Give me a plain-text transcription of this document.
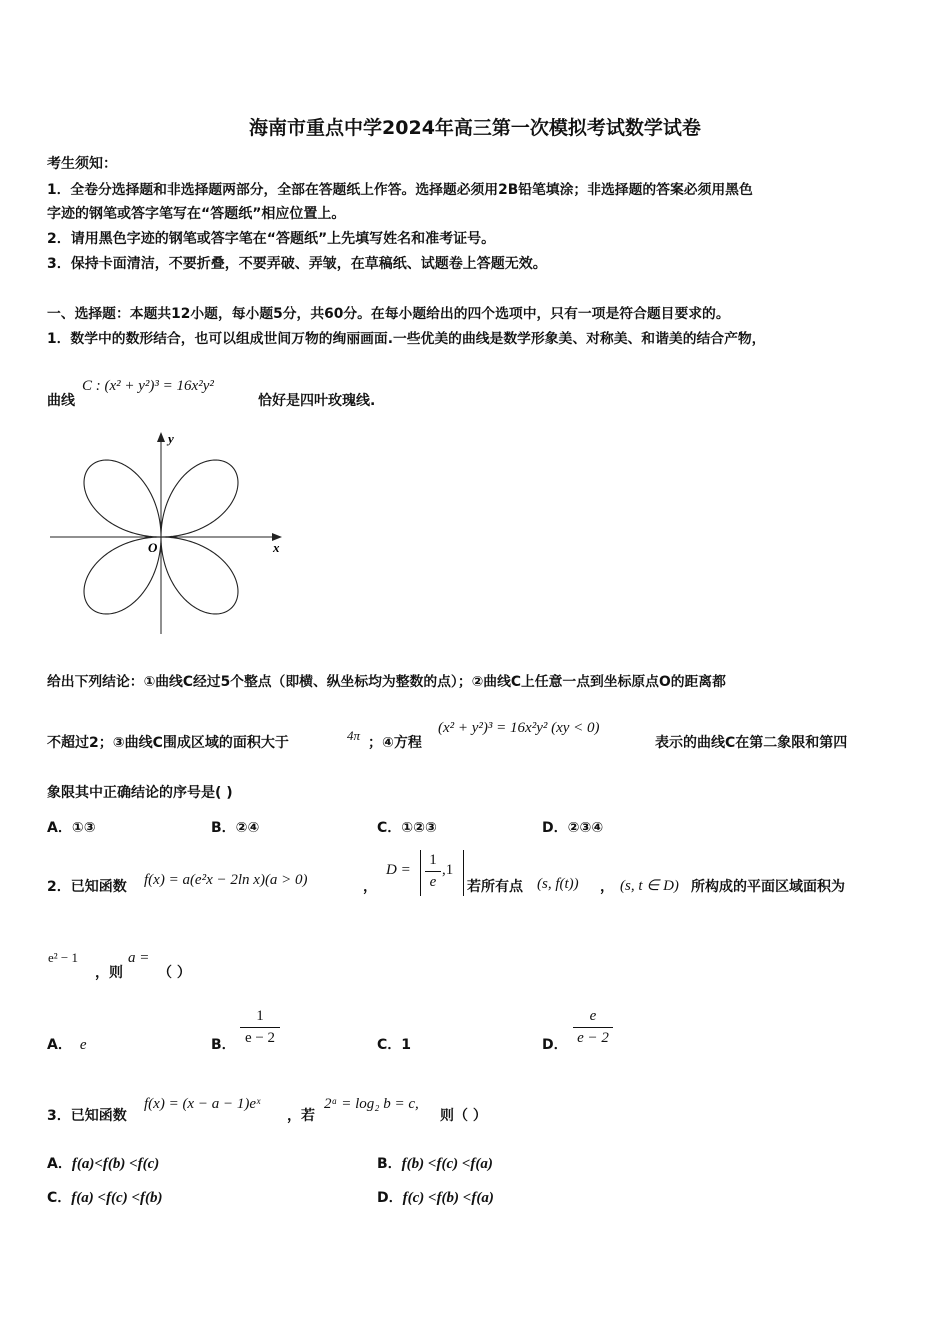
海南市重点中学2024年高三第一次模拟考试数学试卷
考生须知：
1．全卷分选择题和非选择题两部分，全部在答题纸上作答。选择题必须用2B铅笔填涂；非选择题的答案必须用黑色
字迹的钢笔或答字笔写在“答题纸”相应位置上。
2．请用黑色字迹的钢笔或答字笔在“答题纸”上先填写姓名和准考证号。
3．保持卡面清洁，不要折叠，不要弄破、弄皱，在草稿纸、试题卷上答题无效。
一、选择题：本题共12小题，每小题5分，共60分。在每小题给出的四个选项中，只有一项是符合题目要求的。
1．数学中的数形结合，也可以组成世间万物的绚丽画面.一些优美的曲线是数学形象美、对称美、和谐美的结合产物，
曲线
C : (x² + y²)³ = 16x²y²
恰好是四叶玫瑰线.
y
x
O
给出下列结论：①曲线C经过5个整点（即横、纵坐标均为整数的点）；②曲线C上任意一点到坐标原点O的距离都
不超过2；③曲线C围成区域的面积大于	4π ；④方程
(x² + y²)³ = 16x²y² (xy < 0)
表示的曲线C在第二象限和第四
象限其中正确结论的序号是( )
A．①③	B．②④	C．①②③	D．②③④
2．已知函数 f(x) = a(e²x − 2ln x)(a > 0)	，
D =
1
e
,1
若所有点 (s, f(t)) ， (s, t ∈ D) 所构成的平面区域面积为
e² − 1
，则
a =
（ ）
A． e	B．
1
e − 2	C．1	D．
e
e − 2
3．已知函数
f(x) = (x − a − 1)eˣ
，若
2ᵃ = log₂ b = c,
则（ ）
A．f(a)<f(b) <f(c)	B．f(b) <f(c) <f(a)
C．f(a) <f(c) <f(b)	D．f(c) <f(b) <f(a)
